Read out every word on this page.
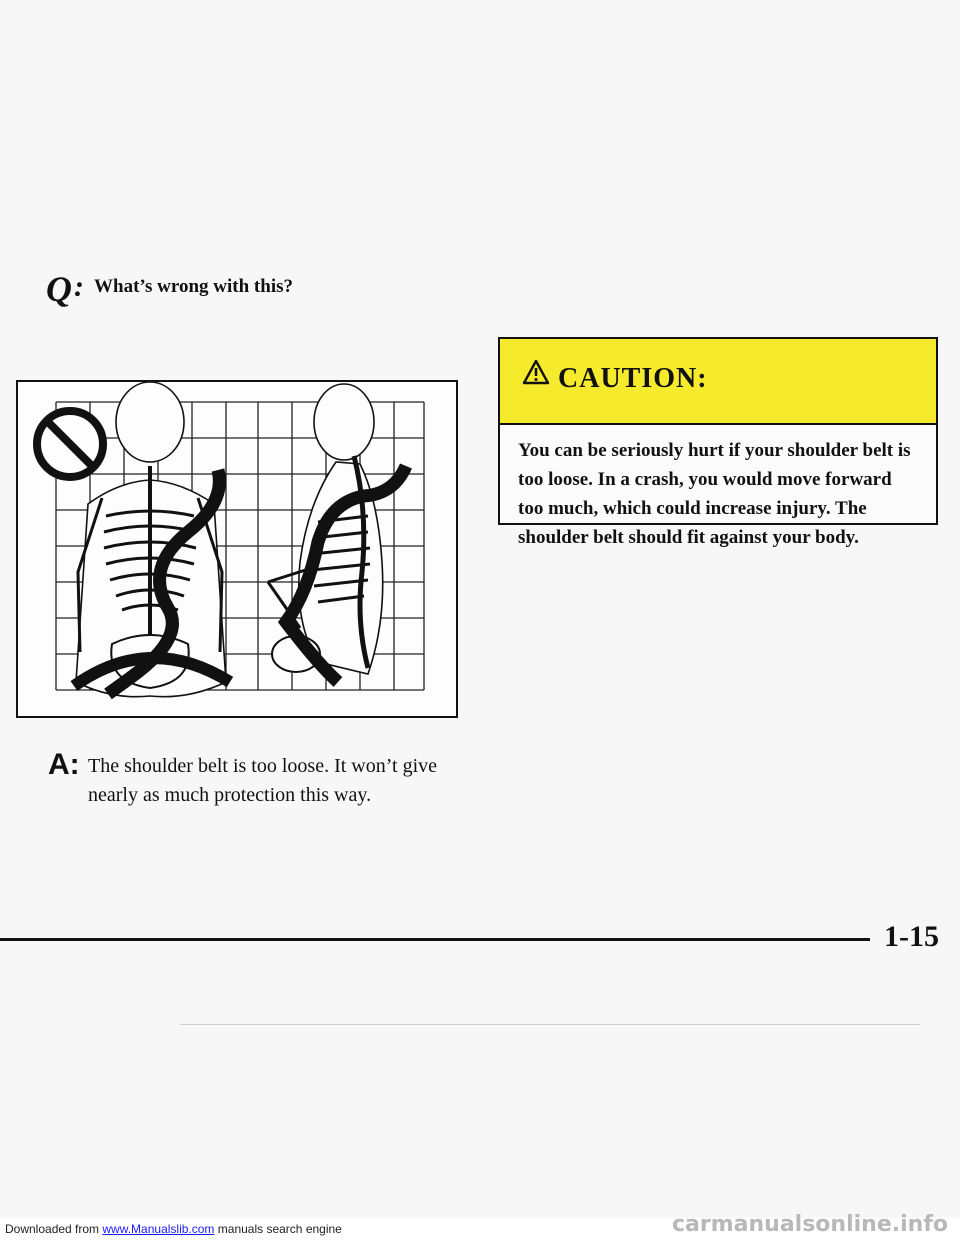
Q : What’s wrong with this?
A: The shoulder belt is too loose. It won’t give nearly as much protection this way.
CAUTION:
You can be seriously hurt if your shoulder belt is too loose. In a crash, you would move forward too much, which could increase injury. The shoulder belt should fit against your body.
1-15
Downloaded from www.Manualslib.com manuals search engine	carmanualsonline.info
